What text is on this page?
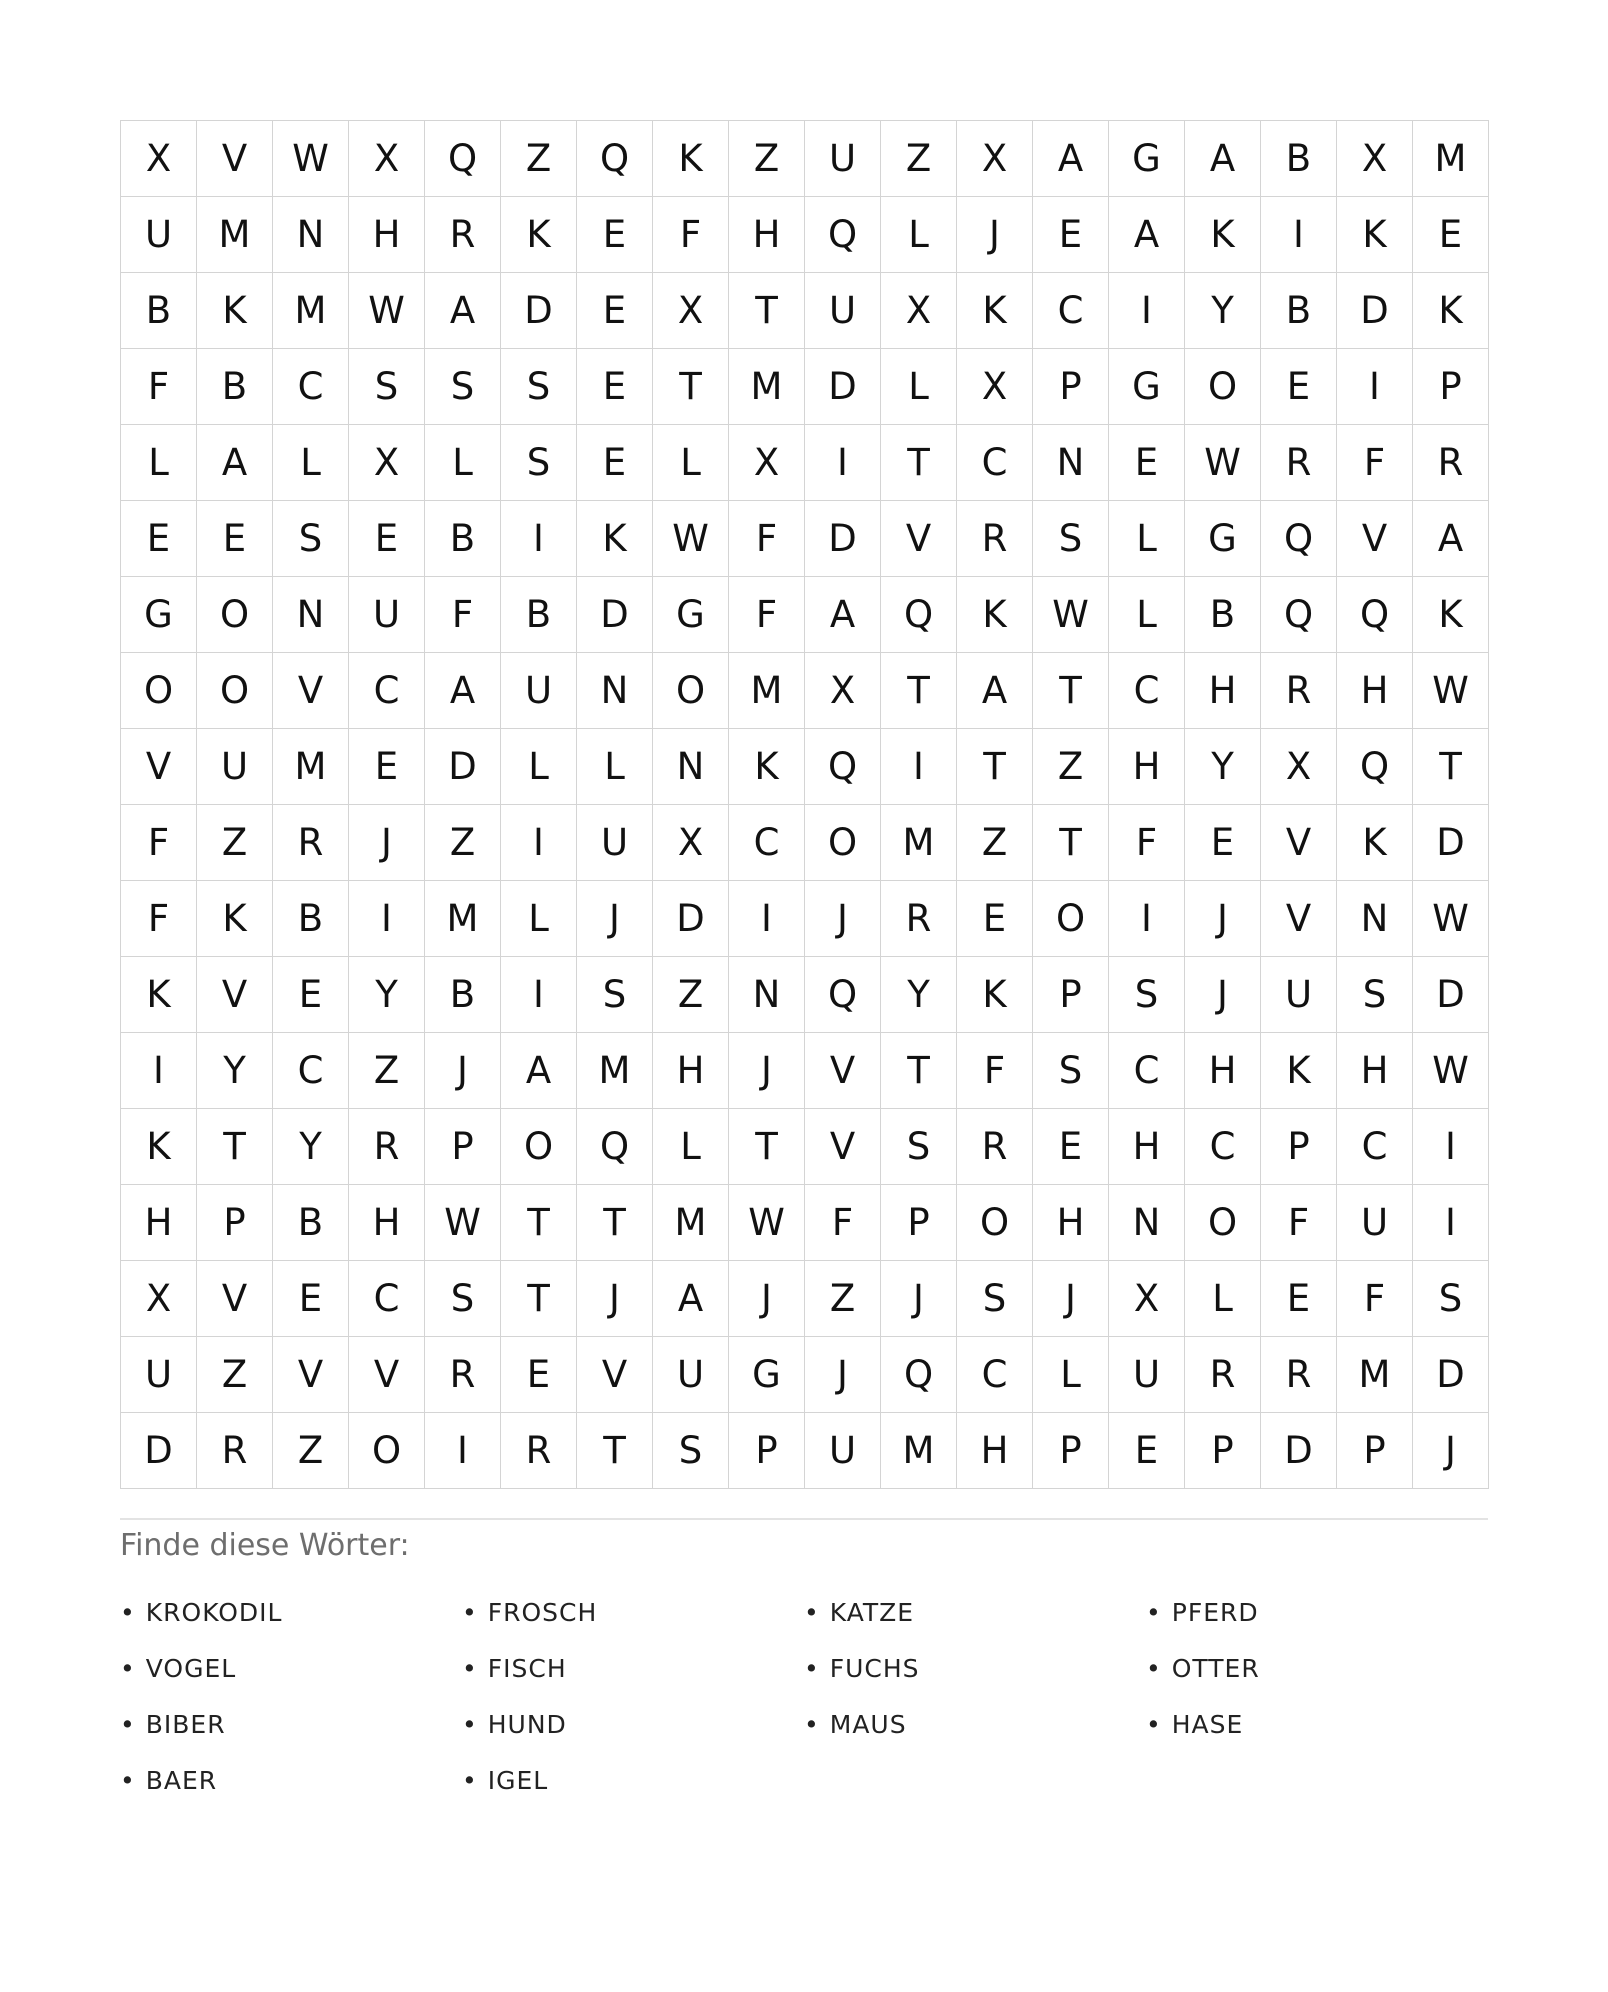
X	V	W	X	Q	Z	Q	K	Z	U	Z	X	A	G	A	B	X	M
U	M	N	H	R	K	E	F	H	Q	L	J	E	A	K	I	K	E
B	K	M	W	A	D	E	X	T	U	X	K	C	I	Y	B	D	K
F	B	C	S	S	S	E	T	M	D	L	X	P	G	O	E	I	P
L	A	L	X	L	S	E	L	X	I	T	C	N	E	W	R	F	R
E	E	S	E	B	I	K	W	F	D	V	R	S	L	G	Q	V	A
G	O	N	U	F	B	D	G	F	A	Q	K	W	L	B	Q	Q	K
O	O	V	C	A	U	N	O	M	X	T	A	T	C	H	R	H	W
V	U	M	E	D	L	L	N	K	Q	I	T	Z	H	Y	X	Q	T
F	Z	R	J	Z	I	U	X	C	O	M	Z	T	F	E	V	K	D
F	K	B	I	M	L	J	D	I	J	R	E	O	I	J	V	N	W
K	V	E	Y	B	I	S	Z	N	Q	Y	K	P	S	J	U	S	D
I	Y	C	Z	J	A	M	H	J	V	T	F	S	C	H	K	H	W
K	T	Y	R	P	O	Q	L	T	V	S	R	E	H	C	P	C	I
H	P	B	H	W	T	T	M	W	F	P	O	H	N	O	F	U	I
X	V	E	C	S	T	J	A	J	Z	J	S	J	X	L	E	F	S
U	Z	V	V	R	E	V	U	G	J	Q	C	L	U	R	R	M	D
D	R	Z	O	I	R	T	S	P	U	M	H	P	E	P	D	P	J
Finde diese Wörter:
• KROKODIL	• FROSCH	• KATZE	• PFERD
• VOGEL	• FISCH	• FUCHS	• OTTER
• BIBER	• HUND	• MAUS	• HASE
• BAER	• IGEL
